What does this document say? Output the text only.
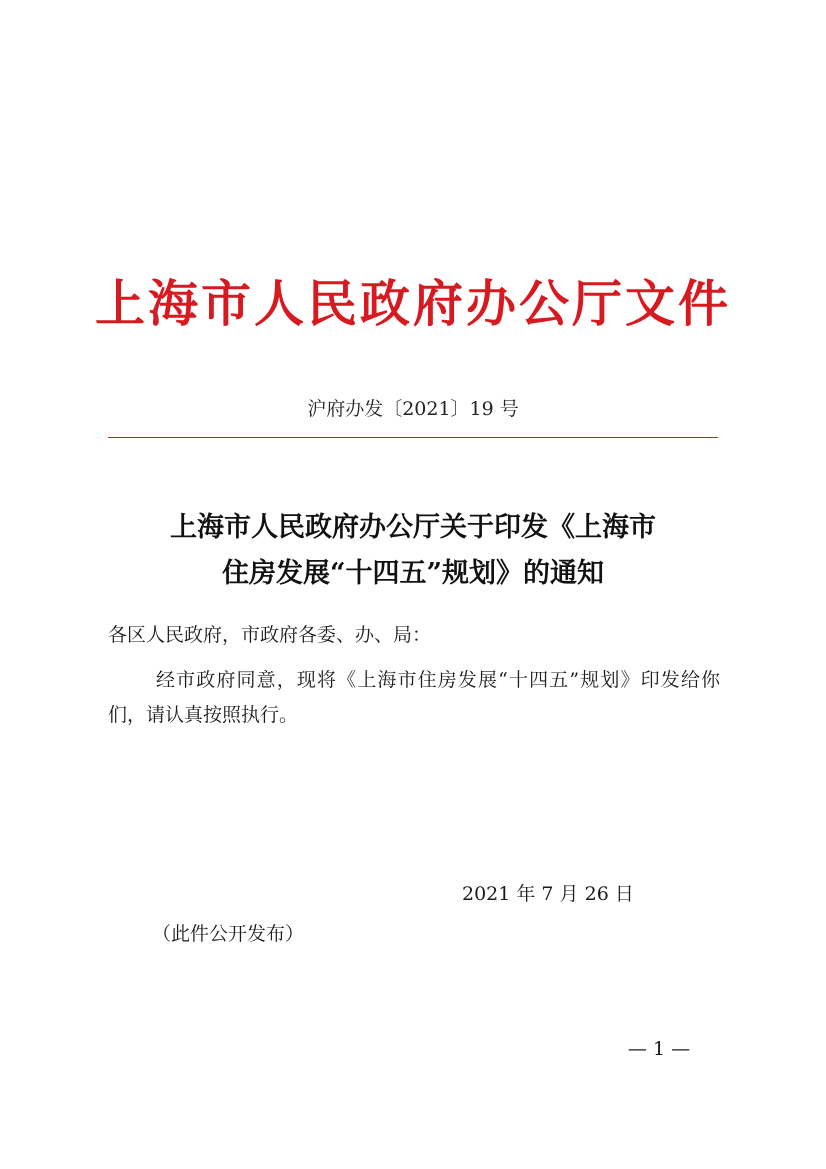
上海市人民政府办公厅文件
沪府办发〔2021〕19 号
上海市人民政府办公厅关于印发《上海市
住房发展“十四五”规划》的通知
各区人民政府，市政府各委、办、局：
经市政府同意，现将《上海市住房发展“十四五”规划》印发给你们，请认真按照执行。
2021 年 7 月 26 日
（此件公开发布）
— 1 —
